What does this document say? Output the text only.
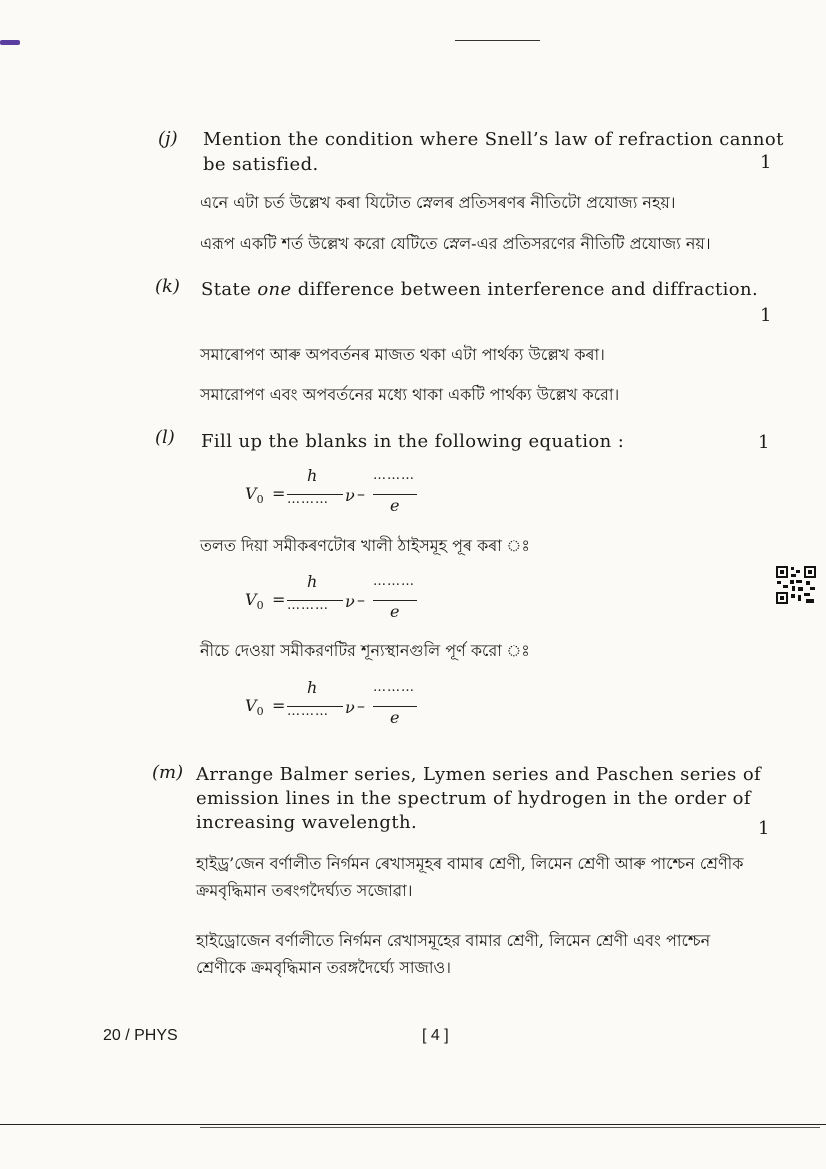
(j) Mention the condition where Snell’s law of refraction cannot
be satisfied.	1
এনে এটা চৰ্ত উল্লেখ কৰা যিটোত স্নেলৰ প্ৰতিসৰণৰ নীতিটো প্ৰযোজ্য নহয়।
এরূপ একটি শর্ত উল্লেখ করো যেটিতে স্নেল-এর প্রতিসরণের নীতিটি প্রযোজ্য নয়।
(k) State one difference between interference and diffraction.
1
সমাৰোপণ আৰু অপবৰ্তনৰ মাজত থকা এটা পাৰ্থক্য উল্লেখ কৰা।
সমারোপণ এবং অপবর্তনের মধ্যে থাকা একটি পার্থক্য উল্লেখ করো।
(l) Fill up the blanks in the following equation :	1
$V_0$ =
h
……… ν –
………
e
তলত দিয়া সমীকৰণটোৰ খালী ঠাইসমূহ পূৰ কৰা ঃ
$V_0$ =
h
……… ν –
………
e
নীচে দেওয়া সমীকরণটির শূন্যস্থানগুলি পূর্ণ করো ঃ
$V_0$ =
h
……… ν –
………
e
(m) Arrange Balmer series, Lymen series and Paschen series of
emission lines in the spectrum of hydrogen in the order of
increasing wavelength.	1
হাইড্ৰ’জেন বৰ্ণালীত নিৰ্গমন ৰেখাসমূহৰ বামাৰ শ্ৰেণী, লিমেন শ্ৰেণী আৰু পাশ্চেন শ্ৰেণীক
ক্ৰমবৃদ্ধিমান তৰংগদৈৰ্ঘ্যত সজোৱা।
হাইড্রোজেন বর্ণালীতে নির্গমন রেখাসমূহের বামার শ্রেণী, লিমেন শ্রেণী এবং পাশ্চেন
শ্রেণীকে ক্রমবৃদ্ধিমান তরঙ্গদৈর্ঘ্যে সাজাও।
20 / PHYS	[ 4 ]
